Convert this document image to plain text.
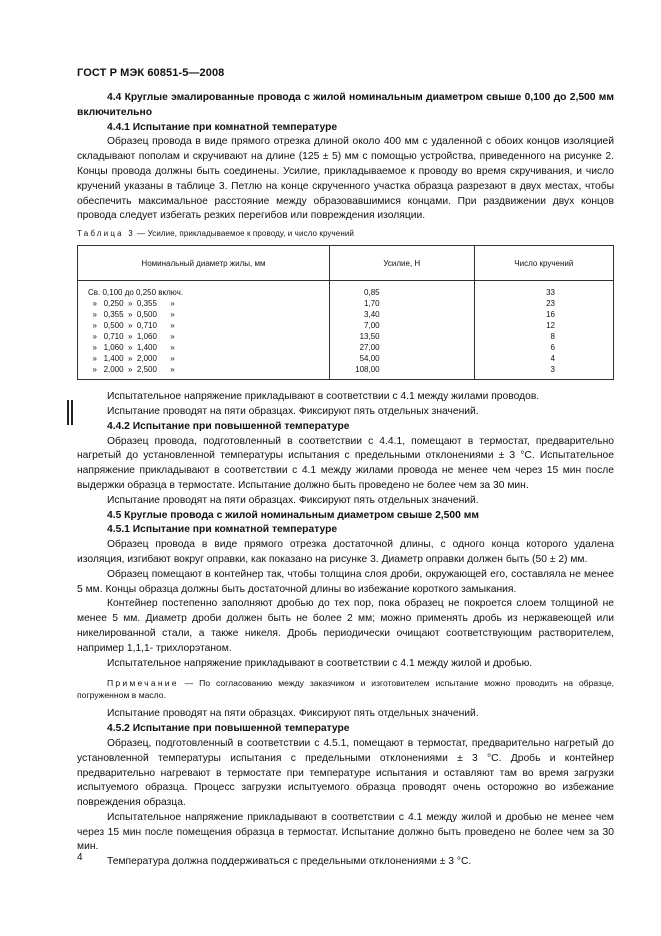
ГОСТ Р МЭК 60851-5—2008

4.4 Круглые эмалированные провода с жилой номинальным диаметром свыше 0,100 до 2,500 мм включительно

4.4.1 Испытание при комнатной температуре

Образец провода в виде прямого отрезка длиной около 400 мм с удаленной с обоих концов изоляцией складывают пополам и скручивают на длине (125 ± 5) мм с помощью устройства, приведенного на рисунке 2. Концы провода должны быть соединены. Усилие, прикладываемое к проводу во время скручивания, и число кручений указаны в таблице 3. Петлю на конце скрученного участка образца разрезают в двух местах, чтобы обеспечить максимальное расстояние между образовавшимися концами. При раздвижении двух концов провода следует избегать резких перегибов или повреждения изоляции.

Таблица 3 — Усилие, прикладываемое к проводу, и число кручений

Номинальный диаметр жилы, мм	Усилие, Н	Число кручений
Св. 0,100 до 0,250 включ.	0,85	33
»   0,250  »  0,355      »	1,70	23
»   0,355  »  0,500      »	3,40	16
»   0,500  »  0,710      »	7,00	12
»   0,710  »  1,060      »	13,50	8
»   1,060  »  1,400      »	27,00	6
»   1,400  »  2,000      »	54,00	4
»   2,000  »  2,500      »	108,00	3

Испытательное напряжение прикладывают в соответствии с 4.1 между жилами проводов.

Испытание проводят на пяти образцах. Фиксируют пять отдельных значений.

4.4.2 Испытание при повышенной температуре

Образец провода, подготовленный в соответствии с 4.4.1, помещают в термостат, предварительно нагретый до установленной температуры испытания с предельными отклонениями ± 3 °С. Испытательное напряжение прикладывают в соответствии с 4.1 между жилами провода не менее чем через 15 мин после выдержки образца в термостате. Испытание должно быть проведено не более чем за 30 мин.

Испытание проводят на пяти образцах. Фиксируют пять отдельных значений.

4.5 Круглые провода с жилой номинальным диаметром свыше 2,500 мм

4.5.1 Испытание при комнатной температуре

Образец провода в виде прямого отрезка достаточной длины, с одного конца которого удалена изоляция, изгибают вокруг оправки, как показано на рисунке 3. Диаметр оправки должен быть (50 ± 2) мм.

Образец помещают в контейнер так, чтобы толщина слоя дроби, окружающей его, составляла не менее 5 мм. Концы образца должны быть достаточной длины во избежание короткого замыкания.

Контейнер постепенно заполняют дробью до тех пор, пока образец не покроется слоем толщиной не менее 5 мм. Диаметр дроби должен быть не более 2 мм; можно применять дробь из нержавеющей или никелированной стали, а также никеля. Дробь периодически очищают соответствующим растворителем, например 1,1,1- трихлорэтаном.

Испытательное напряжение прикладывают в соответствии с 4.1 между жилой и дробью.

Примечание — По согласованию между заказчиком и изготовителем испытание можно проводить на образце, погруженном в масло.

Испытание проводят на пяти образцах. Фиксируют пять отдельных значений.

4.5.2 Испытание при повышенной температуре

Образец, подготовленный в соответствии с 4.5.1, помещают в термостат, предварительно нагретый до установленной температуры испытания с предельными отклонениями ± 3 °С. Дробь и контейнер предварительно нагревают в термостате при температуре испытания и оставляют там во время загрузки испытуемого образца. Процесс загрузки испытуемого образца проводят очень осторожно во избежание повреждения образца.

Испытательное напряжение прикладывают в соответствии с 4.1 между жилой и дробью не менее чем через 15 мин после помещения образца в термостат. Испытание должно быть проведено не более чем за 30 мин.

Температура должна поддерживаться с предельными отклонениями ± 3 °С.

4
